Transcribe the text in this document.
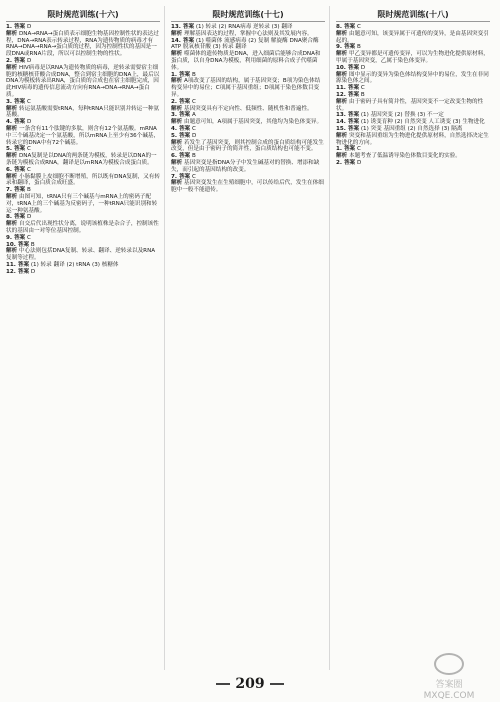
限时规范训练(十六)

1. 答案 D

解析 DNA→RNA→蛋白质表示细胞生物基因控制性状的表达过程，DNA→RNA表示转录过程，RNA为遗传物质的病毒才有RNA→DNA→RNA→蛋白质的过程，因为控制性状的基因是一段DNA或RNA片段，所以可以控制生物的性状。

2. 答案 D

解析 HIV病毒是以RNA为遗传物质的病毒，逆转录需要宿主细胞的核糖核苷酸合成DNA，整合到宿主细胞的DNA上，最后以DNA为模板转录出RNA，蛋白质的合成也在宿主细胞完成，因此HIV病毒的遗传信息流动方向有RNA→DNA→RNA→蛋白质。

3. 答案 C

解析 转运氨基酸需要tRNA，每种tRNA只能识别并转运一种氨基酸。

4. 答案 D

解析 一条含有11个肽键的多肽，则含有12个氨基酸。mRNA中三个碱基决定一个氨基酸，所以mRNA上至少有36个碱基，转录它的DNA中有72个碱基。

5. 答案 C

解析 DNA复制是以DNA的两条链为模板，转录是以DNA的一条链为模板合成RNA，翻译是以mRNA为模板合成蛋白质。

6. 答案 C

解析 小肠黏膜上皮细胞不断增殖，所以既有DNA复制，又有转录和翻译，蛋白质合成旺盛。

7. 答案 B

解析 由图可知，tRNA只有三个碱基与mRNA上的密码子配对，tRNA上的三个碱基为反密码子，一种tRNA只能识别和转运一种氨基酸。

8. 答案 D

解析 自交后代出现性状分离，说明该植株是杂合子，控制该性状的基因由一对等位基因控制。

9. 答案 C

10. 答案 B

解析 中心法则包括DNA复制、转录、翻译、逆转录以及RNA复制等过程。

11. 答案 (1) 转录 翻译 (2) tRNA (3) 核糖体

12. 答案 D

限时规范训练(十七)

13. 答案 (1) 转录 (2) RNA病毒 逆转录 (3) 翻译

解析 理解基因表达的过程，掌握中心法则及其发展内容。

14. 答案 (1) 噬菌体 流感病毒 (2) 复制 解旋酶 DNA聚合酶 ATP 脱氧核苷酸 (3) 转录 翻译

解析 噬菌体的遗传物质是DNA，进入细菌后能够合成DNA和蛋白质，以自身DNA为模板，利用细菌的原料合成子代噬菌体。

1. 答案 B

解析 A项改变了基因的结构，属于基因突变；B项为染色体结构变异中的易位；C项属于基因重组；D项属于染色体数目变异。

2. 答案 C

解析 基因突变具有不定向性、低频性、随机性和普遍性。

3. 答案 A

解析 由题意可知，A项属于基因突变，其他均为染色体变异。

4. 答案 C

5. 答案 D

解析 若发生了基因突变，则其控制合成的蛋白质结构可能发生改变，但是由于密码子的简并性，蛋白质结构也可能不变。

6. 答案 B

解析 基因突变是指DNA分子中发生碱基对的替换、增添和缺失，而引起的基因结构的改变。

7. 答案 C

解析 基因突变发生在生殖细胞中，可以传给后代，发生在体细胞中一般不能遗传。

限时规范训练(十八)

8. 答案 C

解析 由题意可知，该变异属于可遗传的变异，是由基因突变引起的。

9. 答案 B

解析 甲乙变异都是可遗传变异，可以为生物进化提供原材料，甲属于基因突变，乙属于染色体变异。

10. 答案 D

解析 图中显示的变异为染色体结构变异中的易位，发生在非同源染色体之间。

11. 答案 C

12. 答案 B

解析 由于密码子具有简并性，基因突变不一定改变生物的性状。

13. 答案 (1) 基因突变 (2) 替换 (3) 不一定

14. 答案 (1) 诱变育种 (2) 自然突变 人工诱变 (3) 生物进化

15. 答案 (1) 突变 基因重组 (2) 自然选择 (3) 隔离

解析 突变和基因重组为生物进化提供原材料，自然选择决定生物进化的方向。

1. 答案 C

解析 本题考查了低温诱导染色体数目变化的实验。

2. 答案 D

209	答案圈
MXQE.COM
